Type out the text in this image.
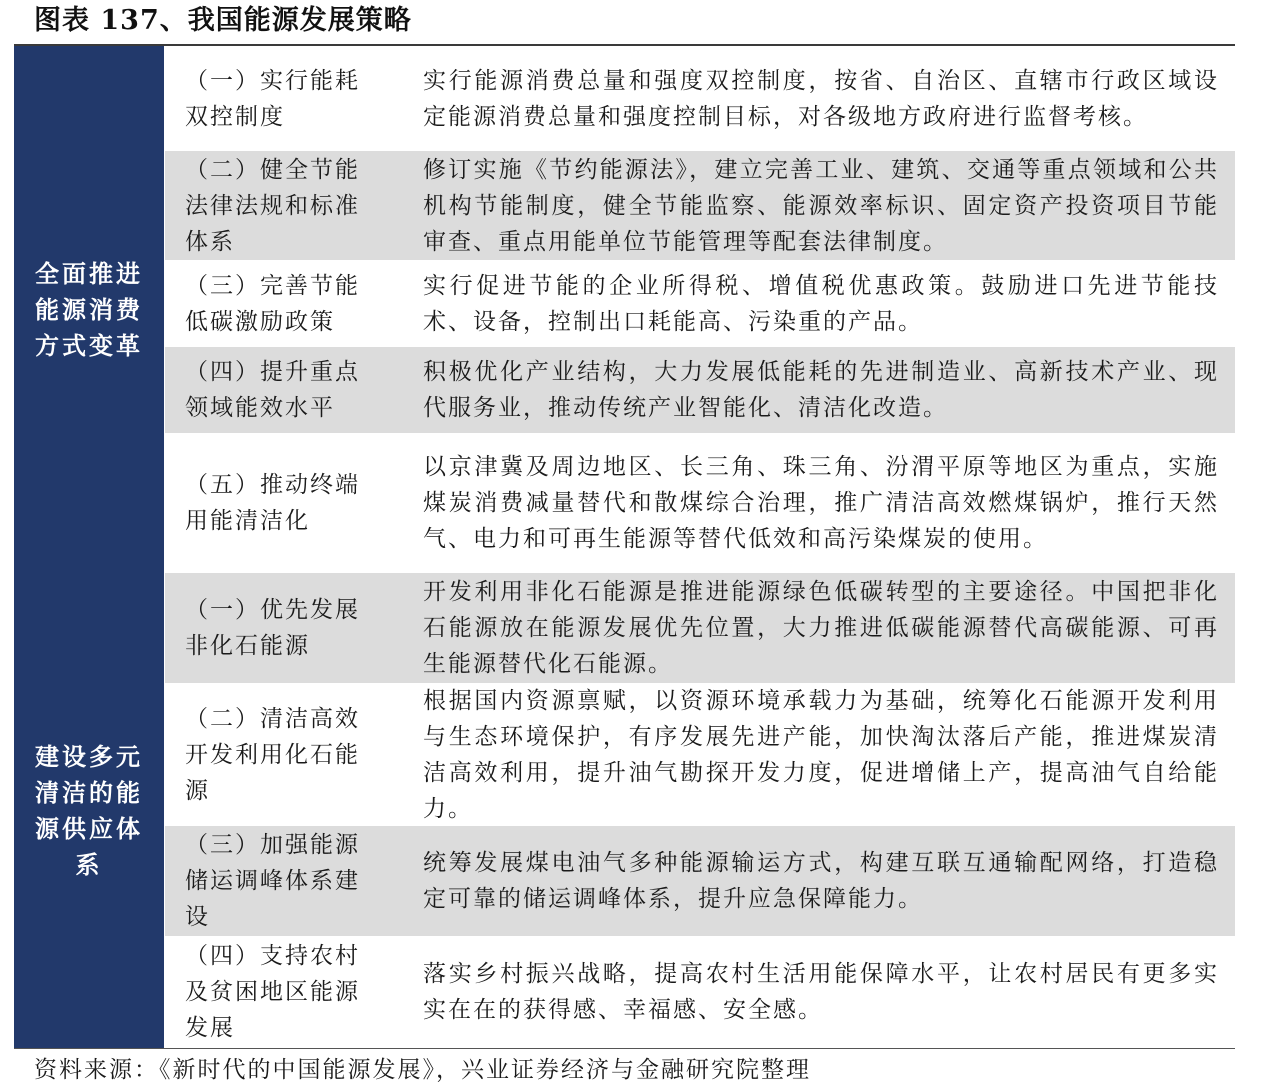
图表 137、我国能源发展策略
全面推进能源消费方式变革
（一）实行能耗双控制度
实行能源消费总量和强度双控制度，按省、自治区、直辖市行政区域设定能源消费总量和强度控制目标，对各级地方政府进行监督考核。
（二）健全节能法律法规和标准体系
修订实施《节约能源法》，建立完善工业、建筑、交通等重点领域和公共机构节能制度，健全节能监察、能源效率标识、固定资产投资项目节能审查、重点用能单位节能管理等配套法律制度。
（三）完善节能低碳激励政策
实行促进节能的企业所得税、增值税优惠政策。鼓励进口先进节能技术、设备，控制出口耗能高、污染重的产品。
（四）提升重点领域能效水平
积极优化产业结构，大力发展低能耗的先进制造业、高新技术产业、现代服务业，推动传统产业智能化、清洁化改造。
（五）推动终端用能清洁化
以京津冀及周边地区、长三角、珠三角、汾渭平原等地区为重点，实施煤炭消费减量替代和散煤综合治理，推广清洁高效燃煤锅炉，推行天然气、电力和可再生能源等替代低效和高污染煤炭的使用。
建设多元清洁的能源供应体系
（一）优先发展非化石能源
开发利用非化石能源是推进能源绿色低碳转型的主要途径。中国把非化石能源放在能源发展优先位置，大力推进低碳能源替代高碳能源、可再生能源替代化石能源。
（二）清洁高效开发利用化石能源
根据国内资源禀赋，以资源环境承载力为基础，统筹化石能源开发利用与生态环境保护，有序发展先进产能，加快淘汰落后产能，推进煤炭清洁高效利用，提升油气勘探开发力度，促进增储上产，提高油气自给能力。
（三）加强能源储运调峰体系建设
统筹发展煤电油气多种能源输运方式，构建互联互通输配网络，打造稳定可靠的储运调峰体系，提升应急保障能力。
（四）支持农村及贫困地区能源发展
落实乡村振兴战略，提高农村生活用能保障水平，让农村居民有更多实实在在的获得感、幸福感、安全感。
资料来源：《新时代的中国能源发展》，兴业证券经济与金融研究院整理
